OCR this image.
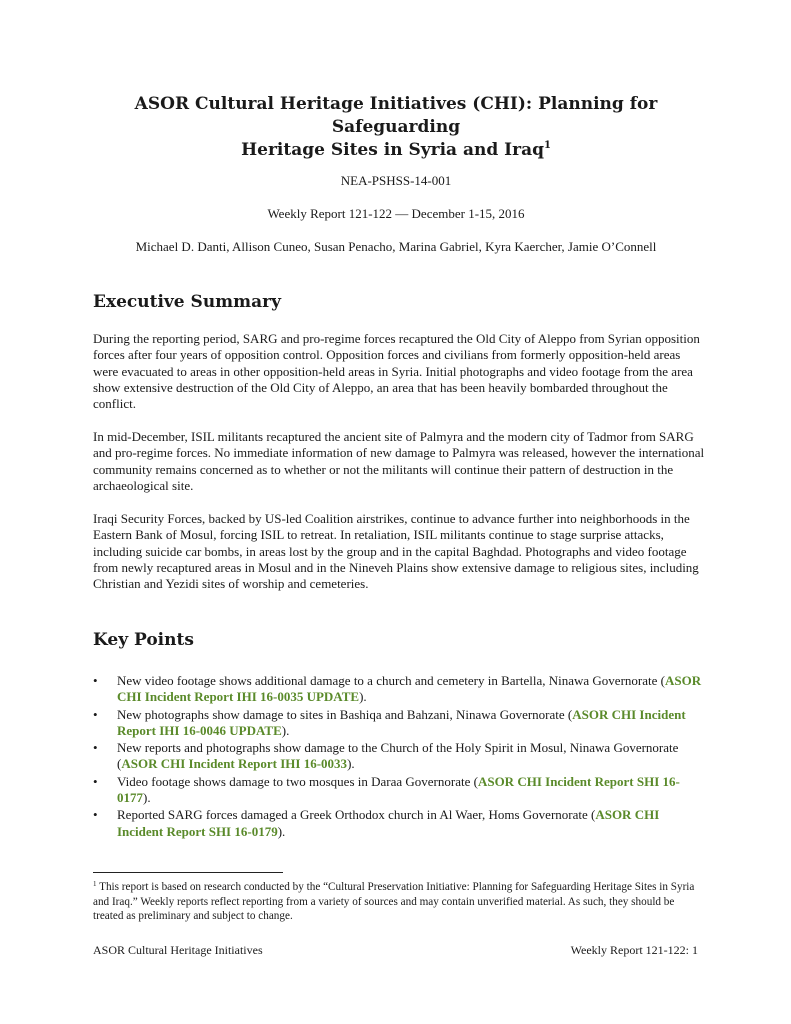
ASOR Cultural Heritage Initiatives (CHI): Planning for Safeguarding
Heritage Sites in Syria and Iraq$^1$
NEA-PSHSS-14-001
Weekly Report 121-122 — December 1-15, 2016
Michael D. Danti, Allison Cuneo, Susan Penacho, Marina Gabriel, Kyra Kaercher, Jamie O’Connell
Executive Summary

During the reporting period, SARG and pro-regime forces recaptured the Old City of Aleppo from Syrian opposition forces after four years of opposition control. Opposition forces and civilians from formerly opposition-held areas were evacuated to areas in other opposition-held areas in Syria. Initial photographs and video footage from the area show extensive destruction of the Old City of Aleppo, an area that has been heavily bombarded throughout the conflict.

In mid-December, ISIL militants recaptured the ancient site of Palmyra and the modern city of Tadmor from SARG and pro-regime forces. No immediate information of new damage to Palmyra was released, however the international community remains concerned as to whether or not the militants will continue their pattern of destruction in the archaeological site.

Iraqi Security Forces, backed by US-led Coalition airstrikes, continue to advance further into neighborhoods in the Eastern Bank of Mosul, forcing ISIL to retreat. In retaliation, ISIL militants continue to stage surprise attacks, including suicide car bombs, in areas lost by the group and in the capital Baghdad. Photographs and video footage from newly recaptured areas in Mosul and in the Nineveh Plains show extensive damage to religious sites, including Christian and Yezidi sites of worship and cemeteries.

Key Points
• New video footage shows additional damage to a church and cemetery in Bartella, Ninawa Governorate (ASOR CHI Incident Report IHI 16-0035 UPDATE).
• New photographs show damage to sites in Bashiqa and Bahzani, Ninawa Governorate (ASOR CHI Incident Report IHI 16-0046 UPDATE).
• New reports and photographs show damage to the Church of the Holy Spirit in Mosul, Ninawa Governorate (ASOR CHI Incident Report IHI 16-0033).
• Video footage shows damage to two mosques in Daraa Governorate (ASOR CHI Incident Report SHI 16-0177).
• Reported SARG forces damaged a Greek Orthodox church in Al Waer, Homs Governorate (ASOR CHI Incident Report SHI 16-0179).
$^1$ This report is based on research conducted by the “Cultural Preservation Initiative: Planning for Safeguarding Heritage Sites in Syria and Iraq.” Weekly reports reflect reporting from a variety of sources and may contain unverified material. As such, they should be treated as preliminary and subject to change.
ASOR Cultural Heritage Initiatives	Weekly Report 121-122: 1
